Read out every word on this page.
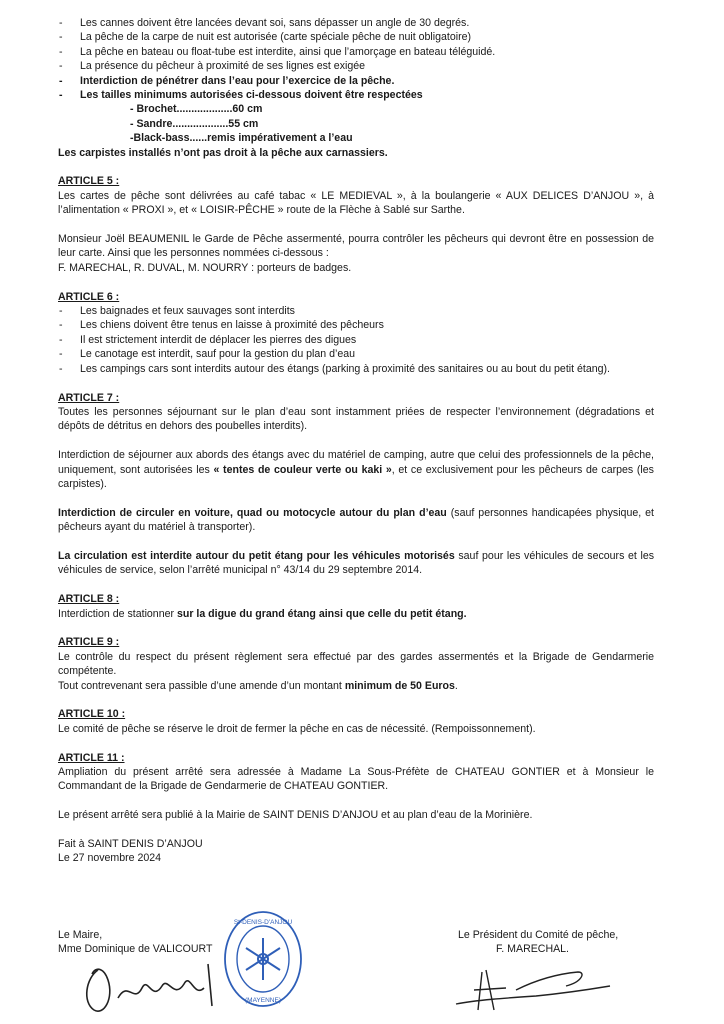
- Les cannes doivent être lancées devant soi, sans dépasser un angle de 30 degrés.
- La pêche de la carpe de nuit est autorisée (carte spéciale pêche de nuit obligatoire)
- La pêche en bateau ou float-tube est interdite, ainsi que l’amorçage en bateau téléguidé.
- La présence du pêcheur à proximité de ses lignes est exigée
- Interdiction de pénétrer dans l’eau pour l’exercice de la pêche.
- Les tailles minimums autorisées ci-dessous doivent être respectées
- Brochet...................60 cm
- Sandre...................55 cm
-Black-bass......remis impérativement a l’eau

Les carpistes installés n’ont pas droit à la pêche aux carnassiers.

ARTICLE 5 :

Les cartes de pêche sont délivrées au café tabac « LE MEDIEVAL », à la boulangerie « AUX DELICES D’ANJOU », à l’alimentation « PROXI », et « LOISIR-PÊCHE » route de la Flèche à Sablé sur Sarthe.

Monsieur Joël BEAUMENIL le Garde de Pêche assermenté, pourra contrôler les pêcheurs qui devront être en possession de leur carte. Ainsi que les personnes nommées ci-dessous :

F. MARECHAL, R. DUVAL, M. NOURRY : porteurs de badges.

ARTICLE 6 :
- Les baignades et feux sauvages sont interdits
- Les chiens doivent être tenus en laisse à proximité des pêcheurs
- Il est strictement interdit de déplacer les pierres des digues
- Le canotage est interdit, sauf pour la gestion du plan d’eau
- Les campings cars sont interdits autour des étangs (parking à proximité des sanitaires ou au bout du petit étang).
ARTICLE 7 :

Toutes les personnes séjournant sur le plan d’eau sont instamment priées de respecter l’environnement (dégradations et dépôts de détritus en dehors des poubelles interdits).

Interdiction de séjourner aux abords des étangs avec du matériel de camping, autre que celui des professionnels de la pêche, uniquement, sont autorisées les « tentes de couleur verte ou kaki », et ce exclusivement pour les pêcheurs de carpes (les carpistes).

Interdiction de circuler en voiture, quad ou motocycle autour du plan d’eau (sauf personnes handicapées physique, et pêcheurs ayant du matériel à transporter).

La circulation est interdite autour du petit étang pour les véhicules motorisés sauf pour les véhicules de secours et les véhicules de service, selon l’arrêté municipal n° 43/14 du 29 septembre 2014.

ARTICLE 8 :

Interdiction de stationner sur la digue du grand étang ainsi que celle du petit étang.

ARTICLE 9 :

Le contrôle du respect du présent règlement sera effectué par des gardes assermentés et la Brigade de Gendarmerie compétente.

Tout contrevenant sera passible d’une amende d’un montant minimum de 50 Euros.

ARTICLE 10 :

Le comité de pêche se réserve le droit de fermer la pêche en cas de nécessité. (Rempoissonnement).

ARTICLE 11 :

Ampliation du présent arrêté sera adressée à Madame La Sous-Préfète de CHATEAU GONTIER et à Monsieur le Commandant de la Brigade de Gendarmerie de CHATEAU GONTIER.

Le présent arrêté sera publié à la Mairie de SAINT DENIS D’ANJOU et au plan d’eau de la Morinière.

Fait à SAINT DENIS D’ANJOU

Le 27 novembre 2024

Le Maire,
Mme Dominique de VALICOURT
Le Président du Comité de pêche,
F. MARECHAL.
St-DENIS-D'ANJOU
(MAYENNE)
